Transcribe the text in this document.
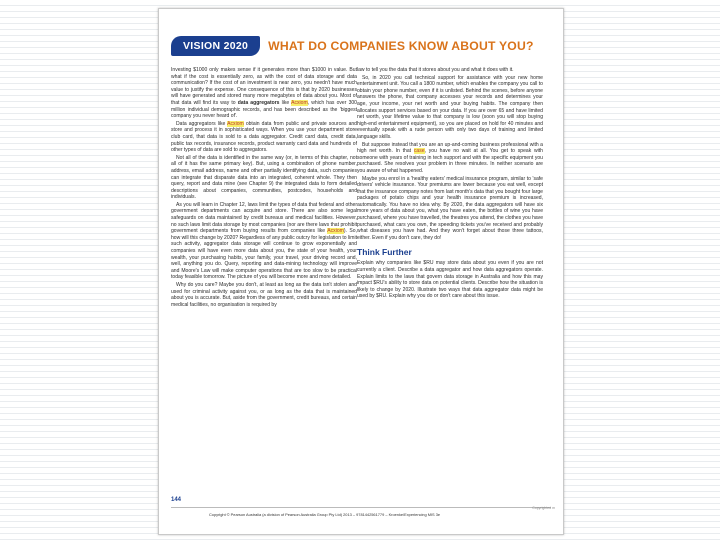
VISION 2020	WHAT DO COMPANIES KNOW ABOUT YOU?

Investing $1000 only makes sense if it generates more than $1000 in value. But what if the cost is essentially zero, as with the cost of data storage and data communication? If the cost of an investment is near zero, you needn't have much value to justify the expense. One consequence of this is that by 2020 businesses will have generated and stored many more megabytes of data about you. Most of that data will find its way to data aggregators like Acxiom, which has over 300 million individual demographic records, and has been described as the 'biggest company you never heard of'.

Data aggregators like Acxiom obtain data from public and private sources and store and process it in sophisticated ways. When you use your department store club card, that data is sold to a data aggregator. Credit card data, credit data, public tax records, insurance records, product warranty card data and hundreds of other types of data are sold to aggregators.

Not all of the data is identified in the same way (or, in terms of this chapter, not all of it has the same primary key). But, using a combination of phone number, address, email address, name and other partially identifying data, such companies can integrate that disparate data into an integrated, coherent whole. They then query, report and data mine (see Chapter 9) the integrated data to form detailed descriptions about companies, communities, postcodes, households and individuals.

As you will learn in Chapter 12, laws limit the types of data that federal and other government departments can acquire and store. There are also some legal safeguards on data maintained by credit bureaus and medical facilities. However, no such laws limit data storage by most companies (nor are there laws that prohibit government departments from buying results from companies like Acxiom). So, how will this change by 2020? Regardless of any public outcry for legislation to limit such activity, aggregator data storage will continue to grow exponentially and companies will have even more data about you, the state of your health, your wealth, your purchasing habits, your family, your travel, your driving record and, well, anything you do. Query, reporting and data-mining technology will improve and Moore's Law will make computer operations that are too slow to be practical today feasible tomorrow. The picture of you will become more and more detailed.

Why do you care? Maybe you don't, at least as long as the data isn't stolen and used for criminal activity against you, or as long as the data that is maintained about you is accurate. But, aside from the government, credit bureaus, and certain medical facilities, no organisation is required by

law to tell you the data that it stores about you and what it does with it.

So, in 2020 you call technical support for assistance with your new home entertainment unit. You call a 1800 number, which enables the company you call to obtain your phone number, even if it is unlisted. Behind the scenes, before anyone answers the phone, that company accesses your records and determines your age, your income, your net worth and your buying habits. The company then allocates support services based on your data. If you are over 65 and have limited net worth, your lifetime value to that company is low (soon you will stop buying high-end entertainment equipment), so you are placed on hold for 40 minutes and eventually speak with a rude person with only two days of training and limited language skills.

But suppose instead that you are an up-and-coming business professional with a high net worth. In that case, you have no wait at all. You get to speak with someone with years of training in tech support and with the specific equipment you purchased. She resolves your problem in three minutes. In neither scenario are you aware of what happened.

Maybe you enrol in a 'healthy eaters' medical insurance program, similar to 'safe drivers' vehicle insurance. Your premiums are lower because you eat well, except that the insurance company notes from last month's data that you bought four large packages of potato chips and your health insurance premium is increased, automatically. You have no idea why. By 2020, the data aggregators will have six more years of data about you, what you have eaten, the bottles of wine you have purchased, where you have travelled, the theatres you attend, the clothes you have purchased, what cars you own, the speeding tickets you've received and probably what diseases you have had. And they won't forget about those three tattoos, either. Even if you don't care, they do!

Think Further

Explain why companies like $RU may store data about you even if you are not currently a client. Describe a data aggregator and how data aggregators operate. Explain limits to the laws that govern data storage in Australia and how this may impact $RU's ability to store data on potential clients. Describe how the situation is likely to change by 2020. Illustrate two ways that data aggregator data might be used by $RU. Explain why you do or don't care about this issue.

144
Copyright © Pearson Australia (a division of Pearson Australia Group Pty Ltd) 2013 – 9781442561779 – Kroenke/Experiencing MIS 3e
Copyrighted m
